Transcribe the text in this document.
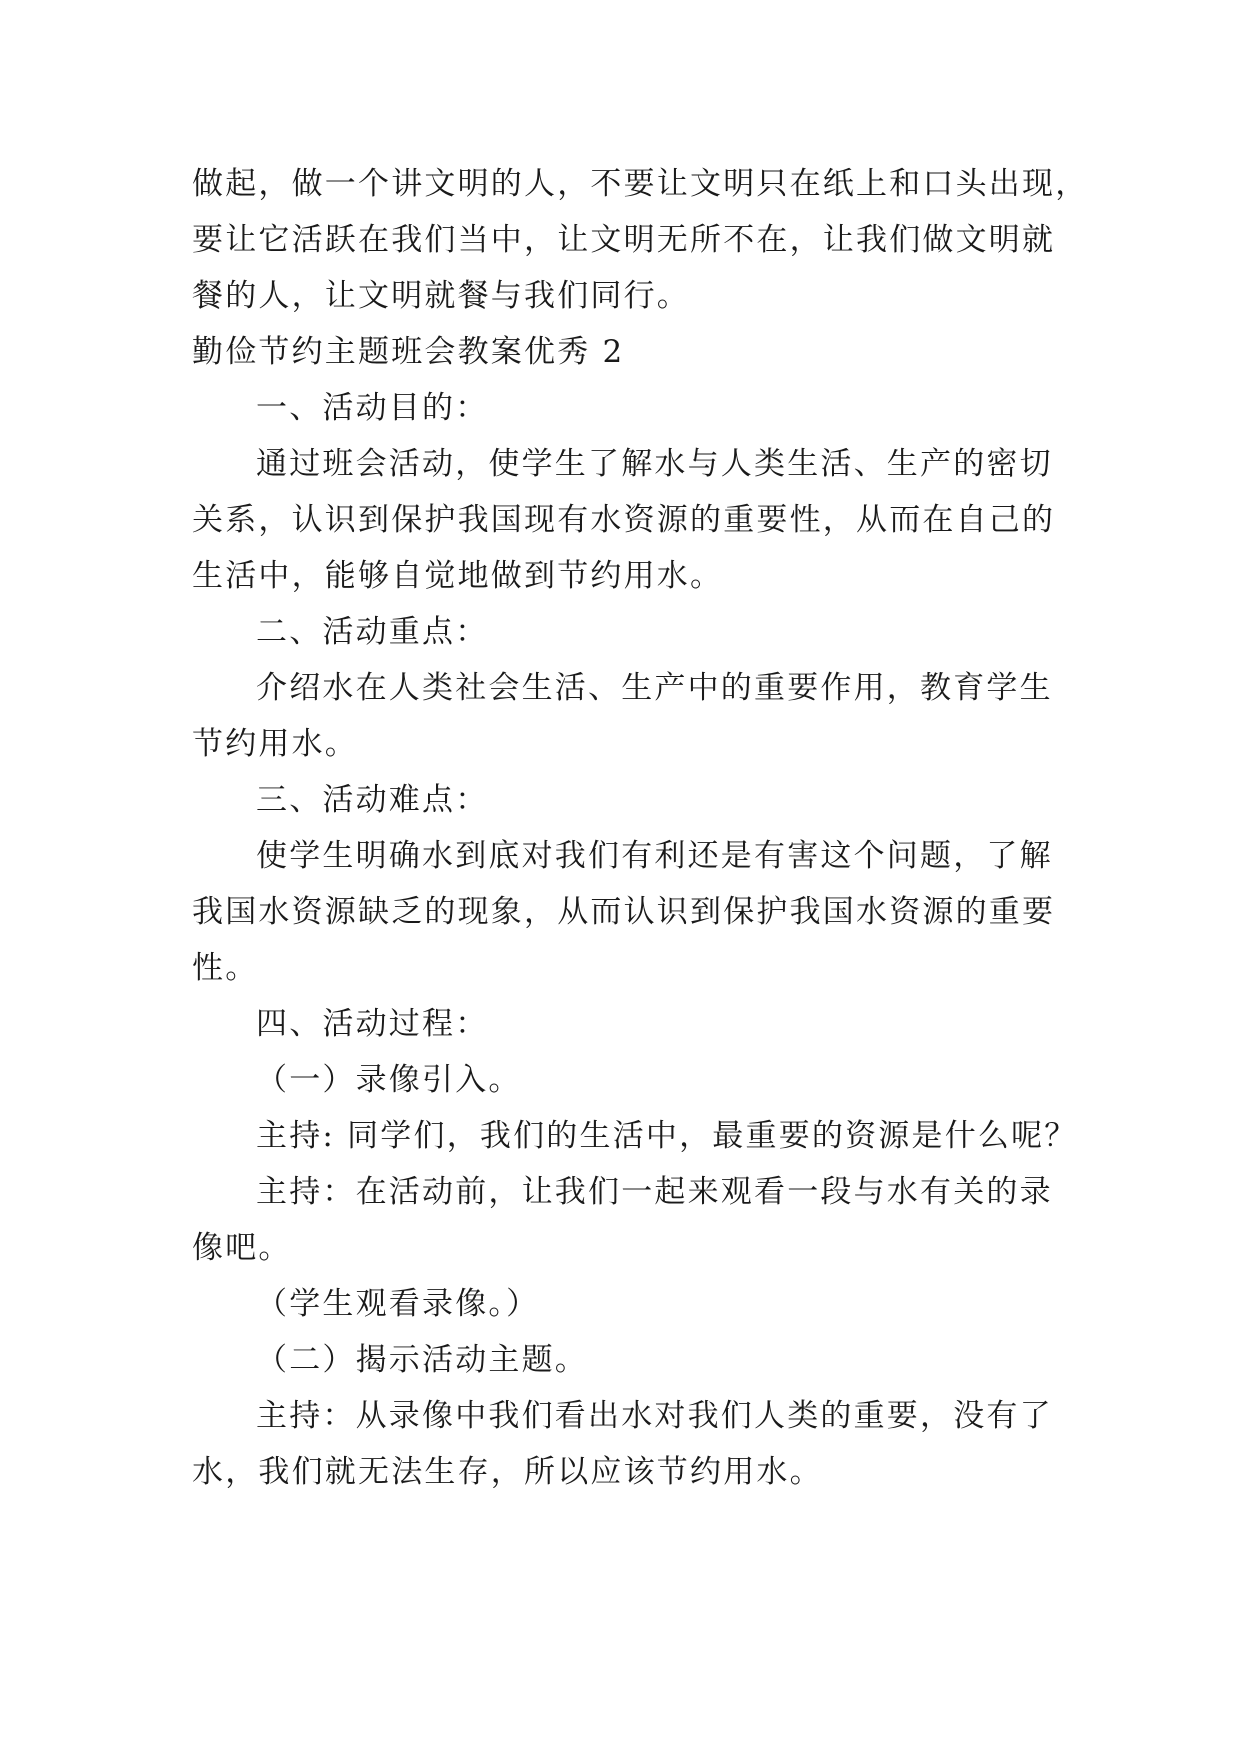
做起，做一个讲文明的人，不要让文明只在纸上和口头出现，
要让它活跃在我们当中，让文明无所不在，让我们做文明就
餐的人，让文明就餐与我们同行。
勤俭节约主题班会教案优秀 2
一、活动目的：
通过班会活动，使学生了解水与人类生活、生产的密切
关系，认识到保护我国现有水资源的重要性，从而在自己的
生活中，能够自觉地做到节约用水。
二、活动重点：
介绍水在人类社会生活、生产中的重要作用，教育学生
节约用水。
三、活动难点：
使学生明确水到底对我们有利还是有害这个问题，了解
我国水资源缺乏的现象，从而认识到保护我国水资源的重要
性。
四、活动过程：
（一）录像引入。
主持: 同学们，我们的生活中，最重要的资源是什么呢？
主持：在活动前，让我们一起来观看一段与水有关的录
像吧。
（学生观看录像。）
（二）揭示活动主题。
主持：从录像中我们看出水对我们人类的重要，没有了
水，我们就无法生存，所以应该节约用水。
